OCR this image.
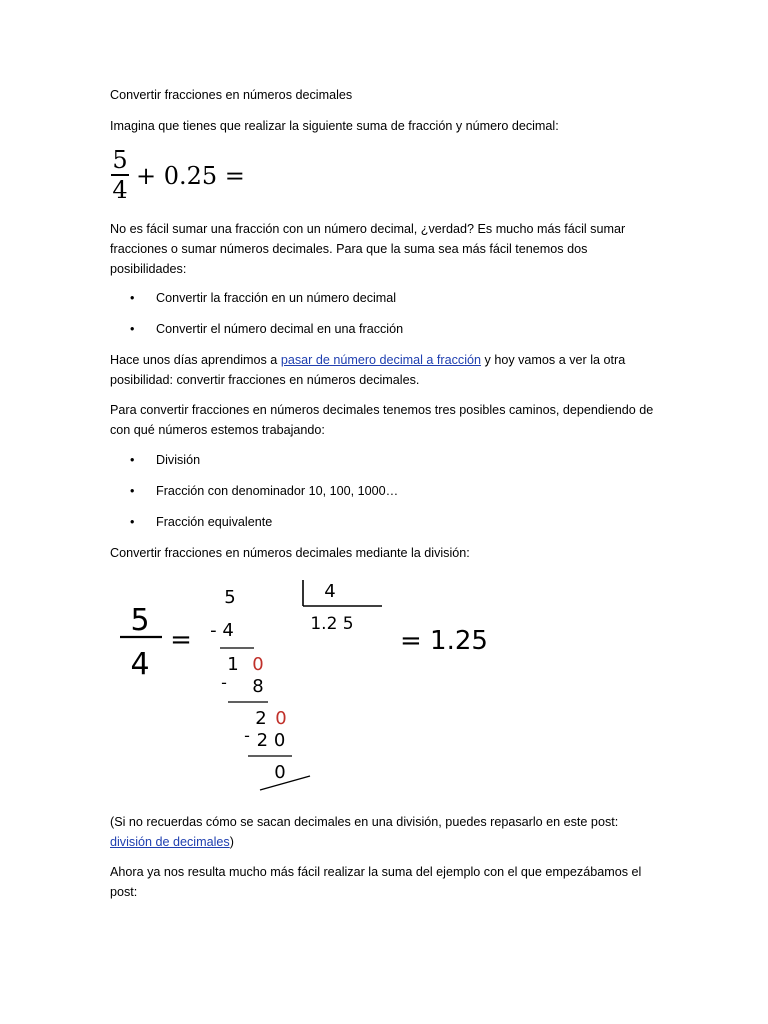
Convertir fracciones en números decimales

Imagina que tienes que realizar la siguiente suma de fracción y número decimal:

5
4 + 0.25 =

No es fácil sumar una fracción con un número decimal, ¿verdad? Es mucho más fácil sumar fracciones o sumar números decimales. Para que la suma sea más fácil tenemos dos posibilidades:

•	Convertir la fracción en un número decimal
•	Convertir el número decimal en una fracción

Hace unos días aprendimos a pasar de número decimal a fracción y hoy vamos a ver la otra posibilidad: convertir fracciones en números decimales.

Para convertir fracciones en números decimales tenemos tres posibles caminos, dependiendo de con qué números estemos trabajando:

•	División
•	Fracción con denominador 10, 100, 1000…
•	Fracción equivalente

Convertir fracciones en números decimales mediante la división:

5
4
=
5	4
1.2 5
- 4
1 0
- 8
2 0
- 2 0
0
= 1.25

(Si no recuerdas cómo se sacan decimales en una división, puedes repasarlo en este post: división de decimales)

Ahora ya nos resulta mucho más fácil realizar la suma del ejemplo con el que empezábamos el post:
